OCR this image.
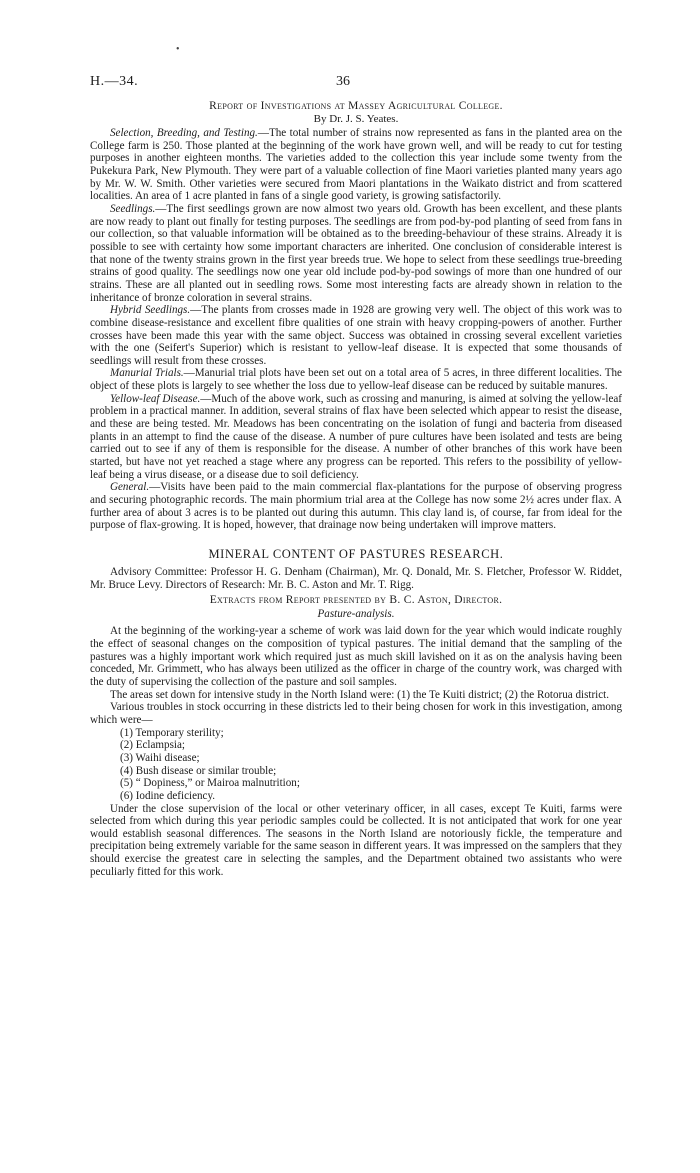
•
H.—34.	36

Report of Investigations at Massey Agricultural College.

By Dr. J. S. Yeates.

Selection, Breeding, and Testing.—The total number of strains now represented as fans in the planted area on the College farm is 250. Those planted at the beginning of the work have grown well, and will be ready to cut for testing purposes in another eighteen months. The varieties added to the collection this year include some twenty from the Pukekura Park, New Plymouth. They were part of a valuable collection of fine Maori varieties planted many years ago by Mr. W. W. Smith. Other varieties were secured from Maori plantations in the Waikato district and from scattered localities. An area of 1 acre planted in fans of a single good variety, is growing satisfactorily.

Seedlings.—The first seedlings grown are now almost two years old. Growth has been excellent, and these plants are now ready to plant out finally for testing purposes. The seedlings are from pod-by-pod planting of seed from fans in our collection, so that valuable information will be obtained as to the breeding-behaviour of these strains. Already it is possible to see with certainty how some important characters are inherited. One conclusion of considerable interest is that none of the twenty strains grown in the first year breeds true. We hope to select from these seedlings true-breeding strains of good quality. The seedlings now one year old include pod-by-pod sowings of more than one hundred of our strains. These are all planted out in seedling rows. Some most interesting facts are already shown in relation to the inheritance of bronze coloration in several strains.

Hybrid Seedlings.—The plants from crosses made in 1928 are growing very well. The object of this work was to combine disease-resistance and excellent fibre qualities of one strain with heavy cropping-powers of another. Further crosses have been made this year with the same object. Success was obtained in crossing several excellent varieties with the one (Seifert's Superior) which is resistant to yellow-leaf disease. It is expected that some thousands of seedlings will result from these crosses.

Manurial Trials.—Manurial trial plots have been set out on a total area of 5 acres, in three different localities. The object of these plots is largely to see whether the loss due to yellow-leaf disease can be reduced by suitable manures.

Yellow-leaf Disease.—Much of the above work, such as crossing and manuring, is aimed at solving the yellow-leaf problem in a practical manner. In addition, several strains of flax have been selected which appear to resist the disease, and these are being tested. Mr. Meadows has been concentrating on the isolation of fungi and bacteria from diseased plants in an attempt to find the cause of the disease. A number of pure cultures have been isolated and tests are being carried out to see if any of them is responsible for the disease. A number of other branches of this work have been started, but have not yet reached a stage where any progress can be reported. This refers to the possibility of yellow-leaf being a virus disease, or a disease due to soil deficiency.

General.—Visits have been paid to the main commercial flax-plantations for the purpose of observing progress and securing photographic records. The main phormium trial area at the College has now some 2½ acres under flax. A further area of about 3 acres is to be planted out during this autumn. This clay land is, of course, far from ideal for the purpose of flax-growing. It is hoped, however, that drainage now being undertaken will improve matters.

MINERAL CONTENT OF PASTURES RESEARCH.

Advisory Committee: Professor H. G. Denham (Chairman), Mr. Q. Donald, Mr. S. Fletcher, Professor W. Riddet, Mr. Bruce Levy. Directors of Research: Mr. B. C. Aston and Mr. T. Rigg.

Extracts from Report presented by B. C. Aston, Director.

Pasture-analysis.

At the beginning of the working-year a scheme of work was laid down for the year which would indicate roughly the effect of seasonal changes on the composition of typical pastures. The initial demand that the sampling of the pastures was a highly important work which required just as much skill lavished on it as on the analysis having been conceded, Mr. Grimmett, who has always been utilized as the officer in charge of the country work, was charged with the duty of supervising the collection of the pasture and soil samples.

The areas set down for intensive study in the North Island were: (1) the Te Kuiti district; (2) the Rotorua district.

Various troubles in stock occurring in these districts led to their being chosen for work in this investigation, among which were—

(1) Temporary sterility;
(2) Eclampsia;
(3) Waihi disease;
(4) Bush disease or similar trouble;
(5) “ Dopiness,” or Mairoa malnutrition;
(6) Iodine deficiency.

Under the close supervision of the local or other veterinary officer, in all cases, except Te Kuiti, farms were selected from which during this year periodic samples could be collected. It is not anticipated that work for one year would establish seasonal differences. The seasons in the North Island are notoriously fickle, the temperature and precipitation being extremely variable for the same season in different years. It was impressed on the samplers that they should exercise the greatest care in selecting the samples, and the Department obtained two assistants who were peculiarly fitted for this work.
